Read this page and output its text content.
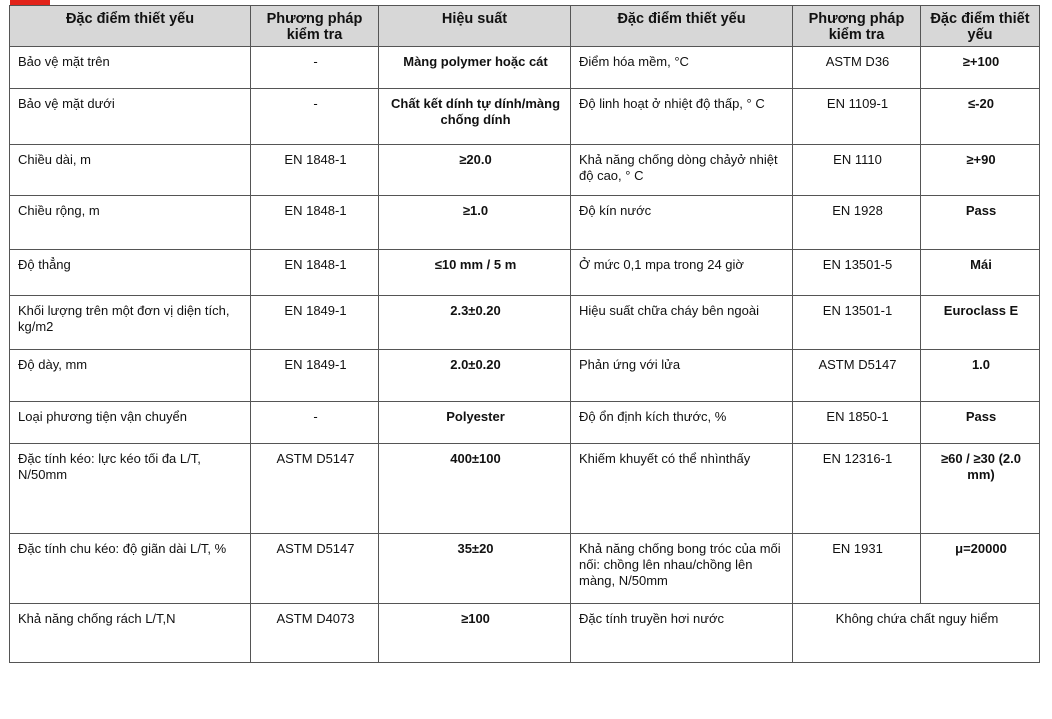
Đặc điểm thiết yếu	Phương pháp kiểm tra	Hiệu suất	Đặc điểm thiết yếu	Phương pháp kiểm tra	Đặc điểm thiết yếu
Bảo vệ mặt trên	-	Màng polymer hoặc cát	Điểm hóa mềm, °C	ASTM D36	≥+100
Bảo vệ mặt dưới	-	Chất kết dính tự dính/màng chống dính	Độ linh hoạt ở nhiệt độ thấp, ° C	EN 1109-1	≤-20
Chiều dài, m	EN 1848-1	≥20.0	Khả năng chống dòng chảyở nhiệt độ cao, ° C	EN 1110	≥+90
Chiều rộng, m	EN 1848-1	≥1.0	Độ kín nước	EN 1928	Pass
Độ thẳng	EN 1848-1	≤10 mm / 5 m	Ở mức 0,1 mpa trong 24 giờ	EN 13501-5	Mái
Khối lượng trên một đơn vị diện tích, kg/m2	EN 1849-1	2.3±0.20	Hiệu suất chữa cháy bên ngoài	EN 13501-1	Euroclass E
Độ dày, mm	EN 1849-1	2.0±0.20	Phản ứng với lửa	ASTM D5147	1.0
Loại phương tiện vận chuyển	-	Polyester	Độ ổn định kích thước, %	EN 1850-1	Pass
Đặc tính kéo: lực kéo tối đa L/T, N/50mm	ASTM D5147	400±100	Khiếm khuyết có thể nhìnthấy	EN 12316-1	≥60 / ≥30 (2.0 mm)
Đặc tính chu kéo: độ giãn dài L/T, %	ASTM D5147	35±20	Khả năng chống bong tróc của mối nối: chồng lên nhau/chồng lên màng, N/50mm	EN 1931	μ=20000
Khả năng chống rách L/T,N	ASTM D4073	≥100	Đặc tính truyền hơi nước	Không chứa chất nguy hiểm	
